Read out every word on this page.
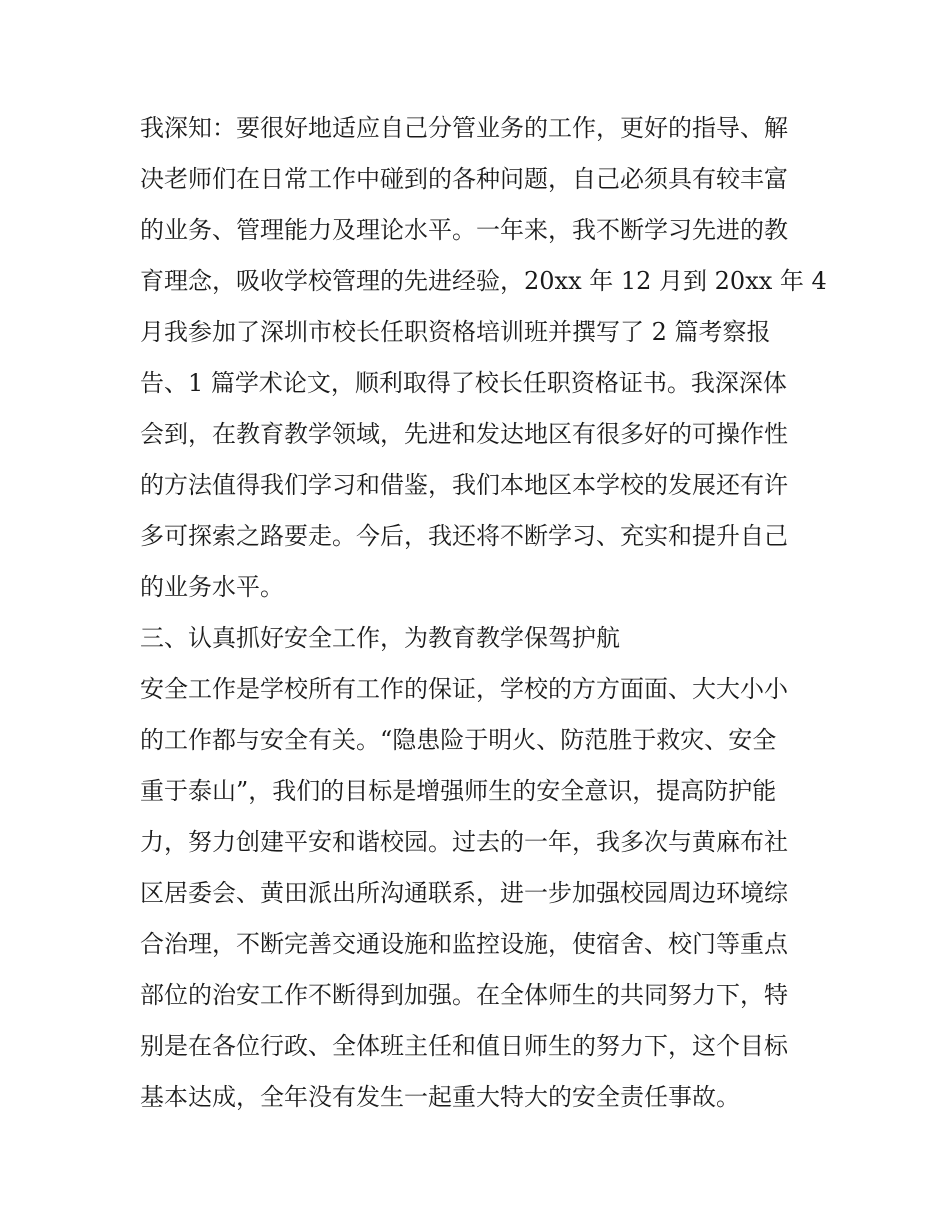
我深知：要很好地适应自己分管业务的工作，更好的指导、解
决老师们在日常工作中碰到的各种问题，自己必须具有较丰富
的业务、管理能力及理论水平。一年来，我不断学习先进的教
育理念，吸收学校管理的先进经验，20xx 年 12 月到 20xx 年 4
月我参加了深圳市校长任职资格培训班并撰写了 2 篇考察报
告、1 篇学术论文，顺利取得了校长任职资格证书。我深深体
会到，在教育教学领域，先进和发达地区有很多好的可操作性
的方法值得我们学习和借鉴，我们本地区本学校的发展还有许
多可探索之路要走。今后，我还将不断学习、充实和提升自己
的业务水平。
三、认真抓好安全工作，为教育教学保驾护航
安全工作是学校所有工作的保证，学校的方方面面、大大小小
的工作都与安全有关。“隐患险于明火、防范胜于救灾、安全
重于泰山”，我们的目标是增强师生的安全意识，提高防护能
力，努力创建平安和谐校园。过去的一年，我多次与黄麻布社
区居委会、黄田派出所沟通联系，进一步加强校园周边环境综
合治理，不断完善交通设施和监控设施，使宿舍、校门等重点
部位的治安工作不断得到加强。在全体师生的共同努力下，特
别是在各位行政、全体班主任和值日师生的努力下，这个目标
基本达成，全年没有发生一起重大特大的安全责任事故。
